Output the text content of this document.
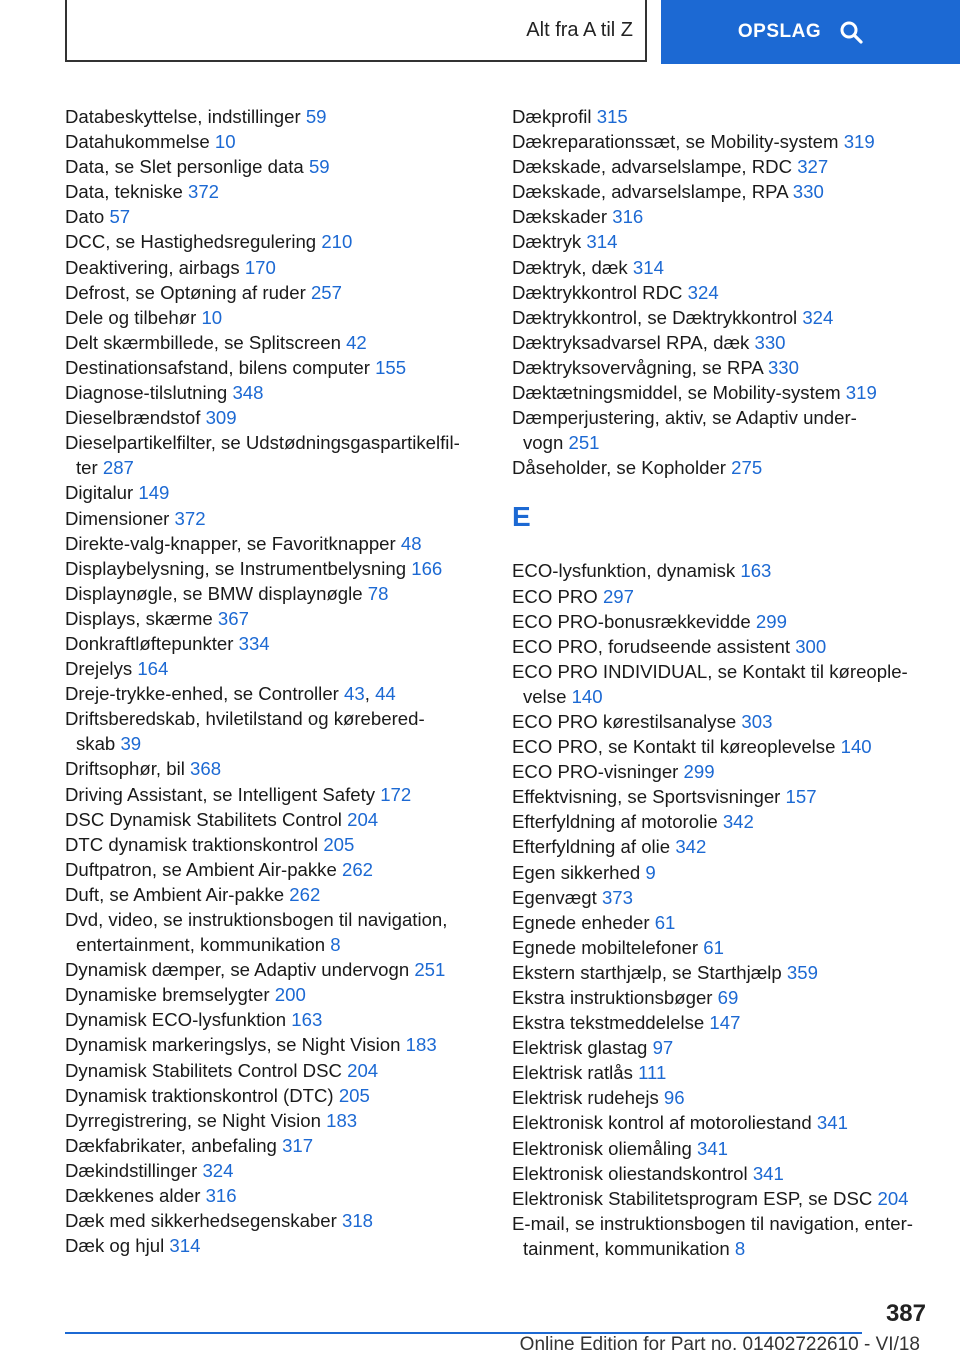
Alt fra A til Z	OPSLAG
Databeskyttelse, indstillinger 59
Datahukommelse 10
Data, se Slet personlige data 59
Data, tekniske 372
Dato 57
DCC, se Hastighedsregulering 210
Deaktivering, airbags 170
Defrost, se Optøning af ruder 257
Dele og tilbehør 10
Delt skærmbillede, se Splitscreen 42
Destinationsafstand, bilens computer 155
Diagnose-tilslutning 348
Dieselbrændstof 309
Dieselpartikelfilter, se Udstødningsgaspartikelfil-
ter 287
Digitalur 149
Dimensioner 372
Direkte-valg-knapper, se Favoritknapper 48
Displaybelysning, se Instrumentbelysning 166
Displaynøgle, se BMW displaynøgle 78
Displays, skærme 367
Donkraftløftepunkter 334
Drejelys 164
Dreje-trykke-enhed, se Controller 43, 44
Driftsberedskab, hviletilstand og kørebered-
skab 39
Driftsophør, bil 368
Driving Assistant, se Intelligent Safety 172
DSC Dynamisk Stabilitets Control 204
DTC dynamisk traktionskontrol 205
Duftpatron, se Ambient Air-pakke 262
Duft, se Ambient Air-pakke 262
Dvd, video, se instruktionsbogen til navigation,
entertainment, kommunikation 8
Dynamisk dæmper, se Adaptiv undervogn 251
Dynamiske bremselygter 200
Dynamisk ECO-lysfunktion 163
Dynamisk markeringslys, se Night Vision 183
Dynamisk Stabilitets Control DSC 204
Dynamisk traktionskontrol (DTC) 205
Dyrregistrering, se Night Vision 183
Dækfabrikater, anbefaling 317
Dækindstillinger 324
Dækkenes alder 316
Dæk med sikkerhedsegenskaber 318
Dæk og hjul 314
Dækprofil 315
Dækreparationssæt, se Mobility-system 319
Dækskade, advarselslampe, RDC 327
Dækskade, advarselslampe, RPA 330
Dækskader 316
Dæktryk 314
Dæktryk, dæk 314
Dæktrykkontrol RDC 324
Dæktrykkontrol, se Dæktrykkontrol 324
Dæktryksadvarsel RPA, dæk 330
Dæktryksovervågning, se RPA 330
Dæktætningsmiddel, se Mobility-system 319
Dæmperjustering, aktiv, se Adaptiv under-
vogn 251
Dåseholder, se Kopholder 275
E
ECO-lysfunktion, dynamisk 163
ECO PRO 297
ECO PRO-bonusrækkevidde 299
ECO PRO, forudseende assistent 300
ECO PRO INDIVIDUAL, se Kontakt til køreople-
velse 140
ECO PRO kørestilsanalyse 303
ECO PRO, se Kontakt til køreoplevelse 140
ECO PRO-visninger 299
Effektvisning, se Sportsvisninger 157
Efterfyldning af motorolie 342
Efterfyldning af olie 342
Egen sikkerhed 9
Egenvægt 373
Egnede enheder 61
Egnede mobiltelefoner 61
Ekstern starthjælp, se Starthjælp 359
Ekstra instruktionsbøger 69
Ekstra tekstmeddelelse 147
Elektrisk glastag 97
Elektrisk ratlås 111
Elektrisk rudehejs 96
Elektronisk kontrol af motoroliestand 341
Elektronisk oliemåling 341
Elektronisk oliestandskontrol 341
Elektronisk Stabilitetsprogram ESP, se DSC 204
E-mail, se instruktionsbogen til navigation, enter-
tainment, kommunikation 8
387
Online Edition for Part no. 01402722610 - VI/18
